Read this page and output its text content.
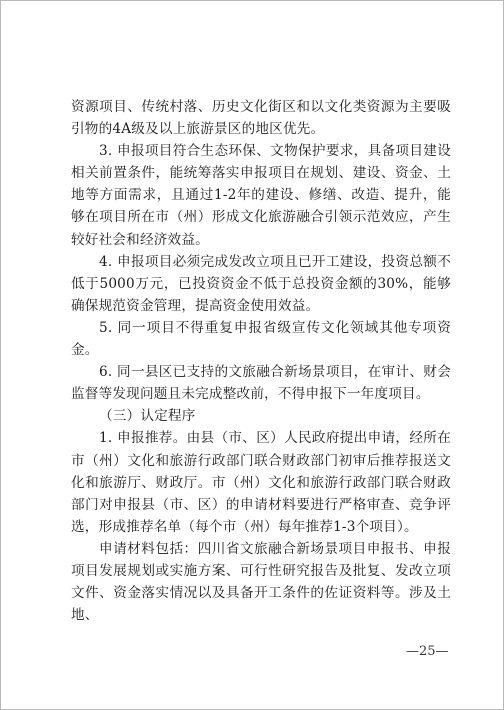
资源项目、传统村落、历史文化街区和以文化类资源为主要吸引物的4A级及以上旅游景区的地区优先。

3. 申报项目符合生态环保、文物保护要求，具备项目建设相关前置条件，能统筹落实申报项目在规划、建设、资金、土地等方面需求，且通过1-2年的建设、修缮、改造、提升，能够在项目所在市（州）形成文化旅游融合引领示范效应，产生较好社会和经济效益。

4. 申报项目必须完成发改立项且已开工建设，投资总额不低于5000万元，已投资资金不低于总投资金额的30%，能够确保规范资金管理，提高资金使用效益。

5. 同一项目不得重复申报省级宣传文化领域其他专项资金。

6. 同一县区已支持的文旅融合新场景项目，在审计、财会监督等发现问题且未完成整改前，不得申报下一年度项目。

（三）认定程序

1. 申报推荐。由县（市、区）人民政府提出申请，经所在市（州）文化和旅游行政部门联合财政部门初审后推荐报送文化和旅游厅、财政厅。市（州）文化和旅游行政部门联合财政部门对申报县（市、区）的申请材料要进行严格审查、竞争评选，形成推荐名单（每个市（州）每年推荐1-3个项目）。

申请材料包括：四川省文旅融合新场景项目申报书、申报项目发展规划或实施方案、可行性研究报告及批复、发改立项文件、资金落实情况以及具备开工条件的佐证资料等。涉及土地、

—25—
